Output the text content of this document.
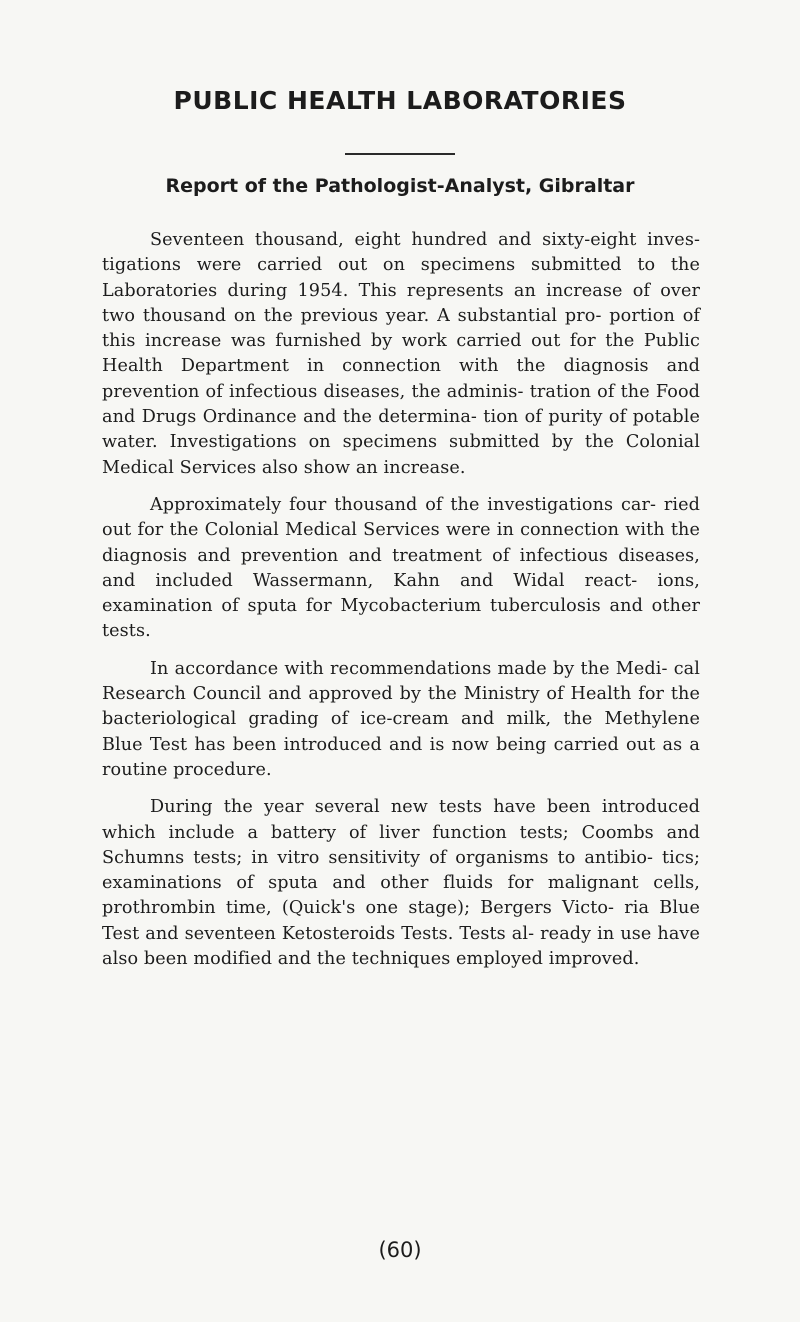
PUBLIC HEALTH LABORATORIES
Report of the Pathologist-Analyst, Gibraltar

Seventeen thousand, eight hundred and sixty-eight inves- tigations were carried out on specimens submitted to the Laboratories during 1954. This represents an increase of over two thousand on the previous year. A substantial pro- portion of this increase was furnished by work carried out for the Public Health Department in connection with the diagnosis and prevention of infectious diseases, the adminis- tration of the Food and Drugs Ordinance and the determina- tion of purity of potable water. Investigations on specimens submitted by the Colonial Medical Services also show an increase.

Approximately four thousand of the investigations car- ried out for the Colonial Medical Services were in connection with the diagnosis and prevention and treatment of infectious diseases, and included Wassermann, Kahn and Widal react- ions, examination of sputa for Mycobacterium tuberculosis and other tests.

In accordance with recommendations made by the Medi- cal Research Council and approved by the Ministry of Health for the bacteriological grading of ice-cream and milk, the Methylene Blue Test has been introduced and is now being carried out as a routine procedure.

During the year several new tests have been introduced which include a battery of liver function tests; Coombs and Schumns tests; in vitro sensitivity of organisms to antibio- tics; examinations of sputa and other fluids for malignant cells, prothrombin time, (Quick's one stage); Bergers Victo- ria Blue Test and seventeen Ketosteroids Tests. Tests al- ready in use have also been modified and the techniques employed improved.

(60)
